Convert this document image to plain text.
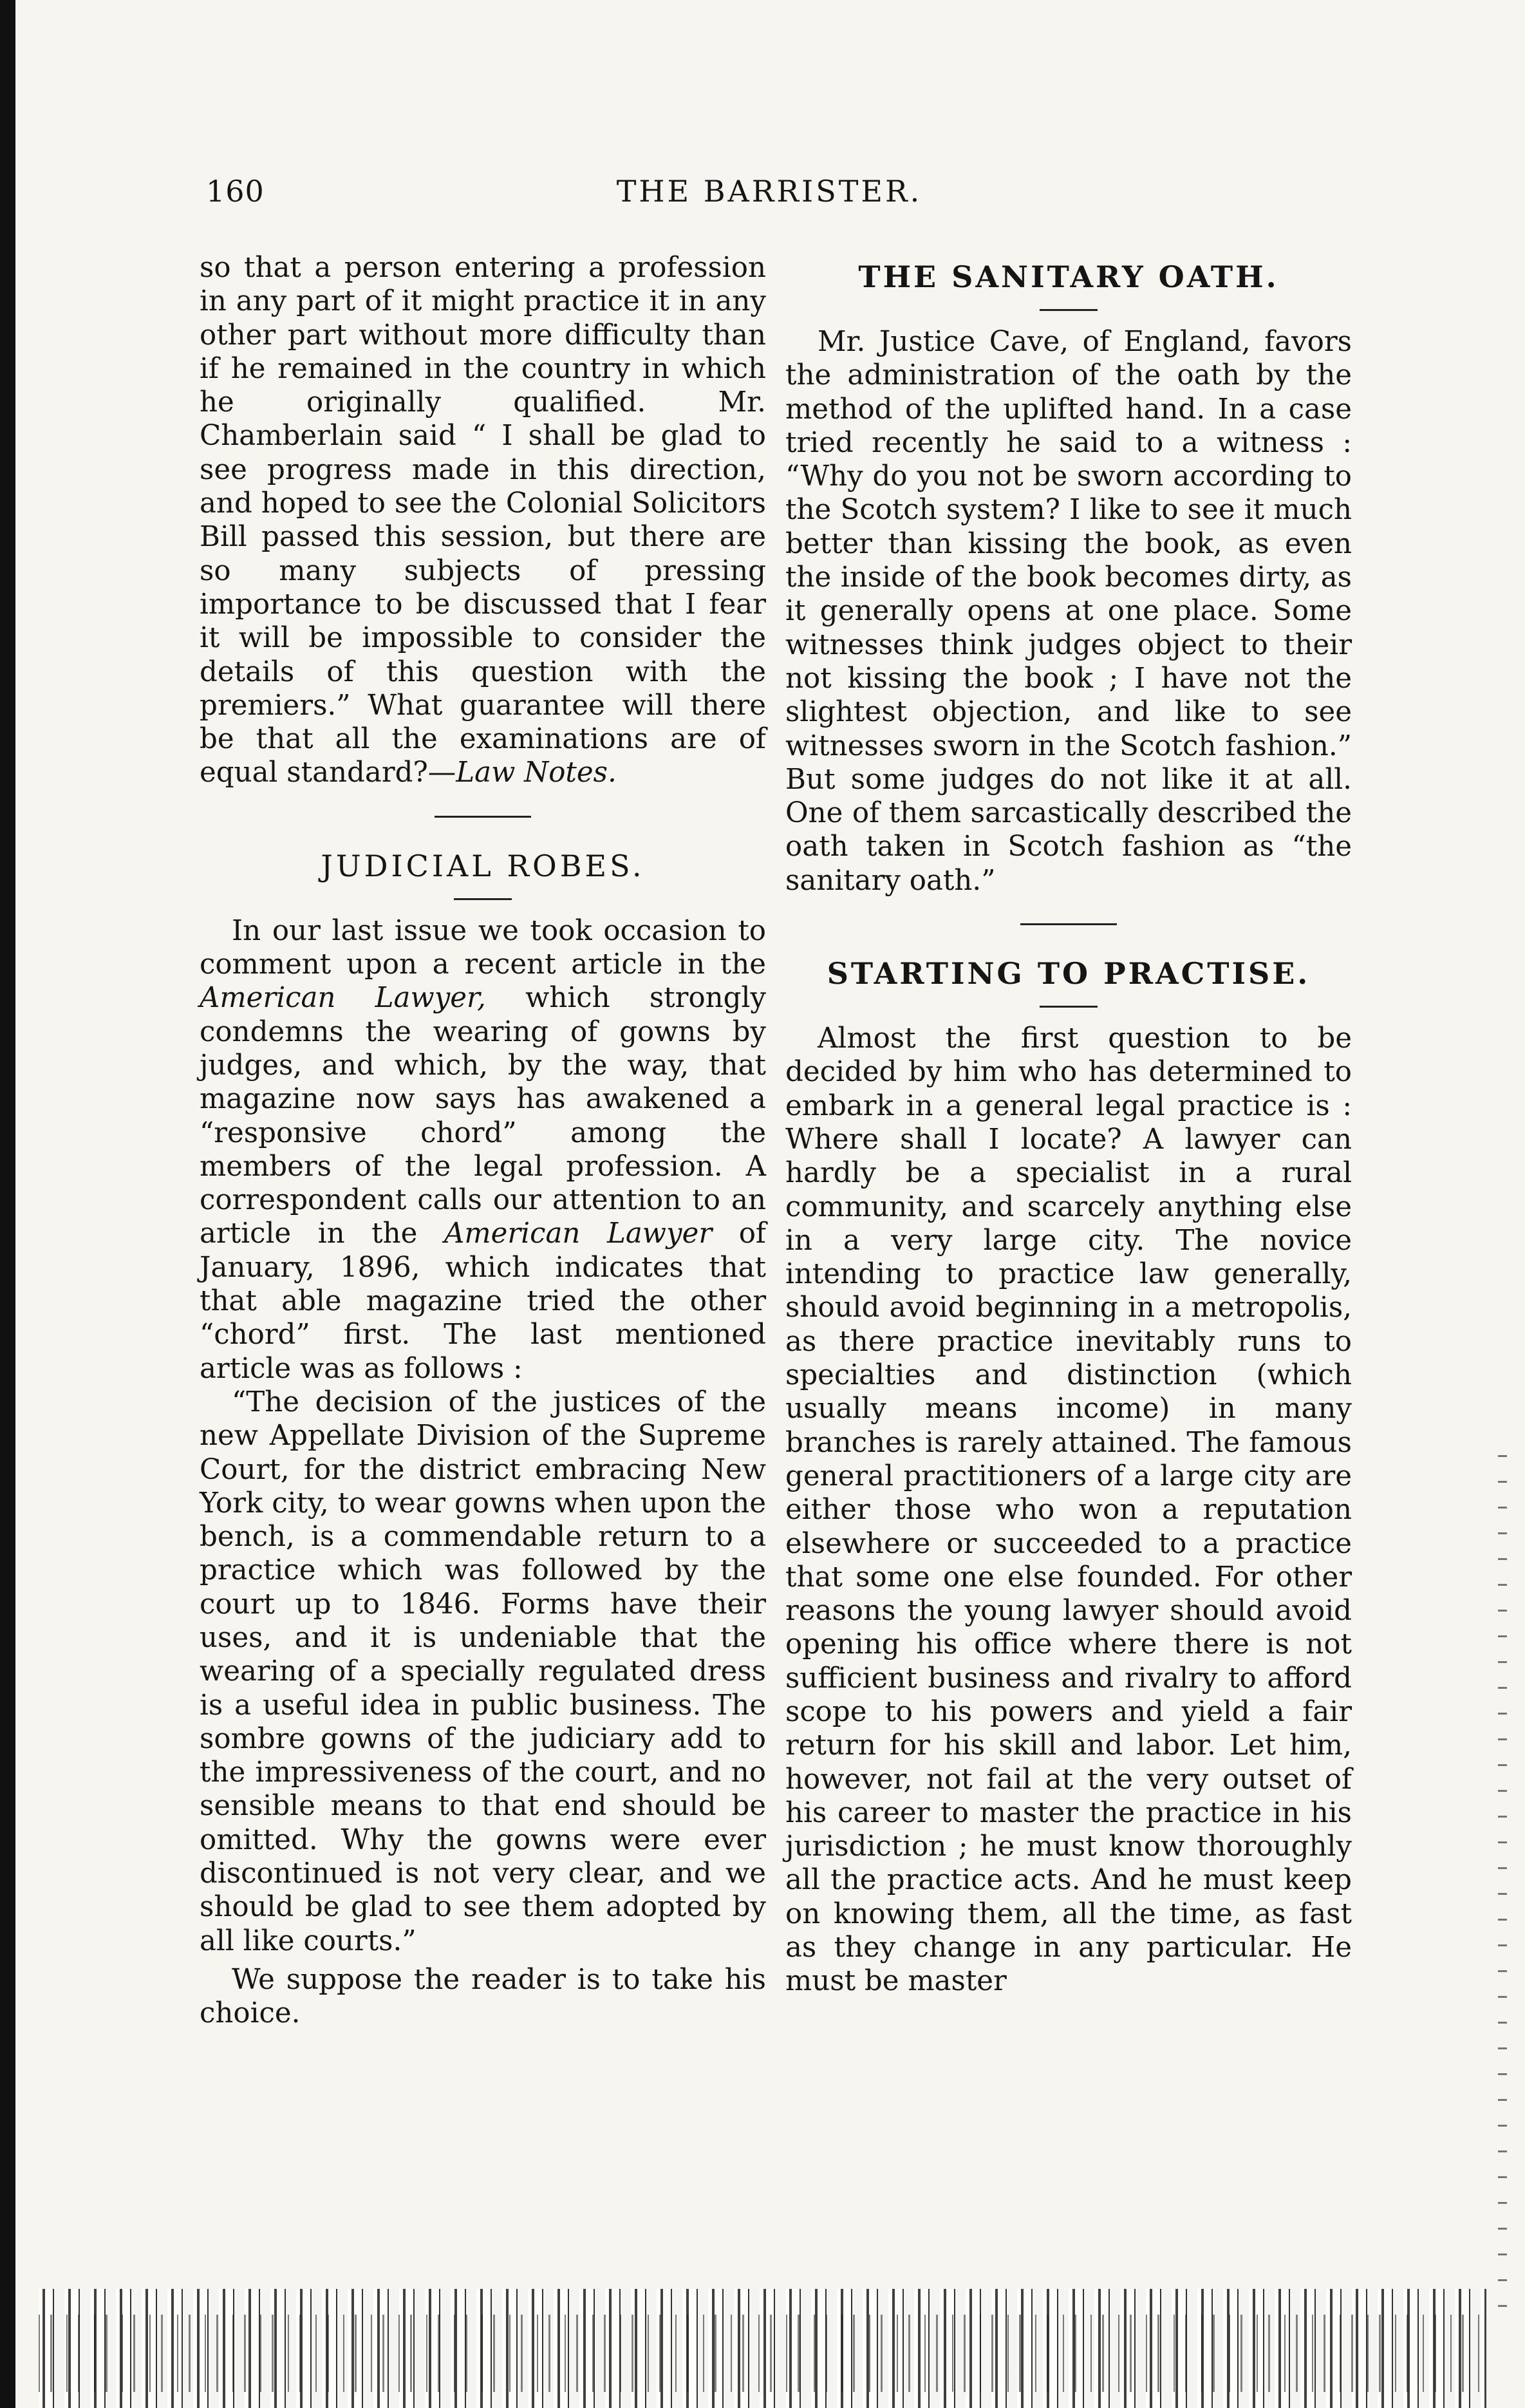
160	THE BARRISTER.

so that a person entering a profession in any part of it might practice it in any other part without more difficulty than if he remained in the country in which he originally qualified. Mr. Chamberlain said “ I shall be glad to see progress made in this direction, and hoped to see the Colonial Solicitors Bill passed this session, but there are so many subjects of pressing importance to be discussed that I fear it will be impossible to consider the details of this question with the premiers.” What guarantee will there be that all the examinations are of equal standard?—Law Notes.

JUDICIAL ROBES.

In our last issue we took occasion to comment upon a recent article in the American Lawyer, which strongly condemns the wearing of gowns by judges, and which, by the way, that magazine now says has awakened a “responsive chord” among the members of the legal profession. A correspondent calls our attention to an article in the American Lawyer of January, 1896, which indicates that that able magazine tried the other “chord” first. The last mentioned article was as follows :

“The decision of the justices of the new Appellate Division of the Supreme Court, for the district embracing New York city, to wear gowns when upon the bench, is a commendable return to a practice which was followed by the court up to 1846. Forms have their uses, and it is undeniable that the wearing of a specially regulated dress is a useful idea in public business. The sombre gowns of the judiciary add to the impressiveness of the court, and no sensible means to that end should be omitted. Why the gowns were ever discontinued is not very clear, and we should be glad to see them adopted by all like courts.”

We suppose the reader is to take his choice.

THE SANITARY OATH.

Mr. Justice Cave, of England, favors the administration of the oath by the method of the uplifted hand. In a case tried recently he said to a witness : “Why do you not be sworn according to the Scotch system? I like to see it much better than kissing the book, as even the inside of the book becomes dirty, as it generally opens at one place. Some witnesses think judges object to their not kissing the book ; I have not the slightest objection, and like to see witnesses sworn in the Scotch fashion.” But some judges do not like it at all. One of them sarcastically described the oath taken in Scotch fashion as “the sanitary oath.”

STARTING TO PRACTISE.

Almost the first question to be decided by him who has determined to embark in a general legal practice is : Where shall I locate? A lawyer can hardly be a specialist in a rural community, and scarcely anything else in a very large city. The novice intending to practice law generally, should avoid beginning in a metropolis, as there practice inevitably runs to specialties and distinction (which usually means income) in many branches is rarely attained. The famous general practitioners of a large city are either those who won a reputation elsewhere or succeeded to a practice that some one else founded. For other reasons the young lawyer should avoid opening his office where there is not sufficient business and rivalry to afford scope to his powers and yield a fair return for his skill and labor. Let him, however, not fail at the very outset of his career to master the practice in his jurisdiction ; he must know thoroughly all the practice acts. And he must keep on knowing them, all the time, as fast as they change in any particular. He must be master
